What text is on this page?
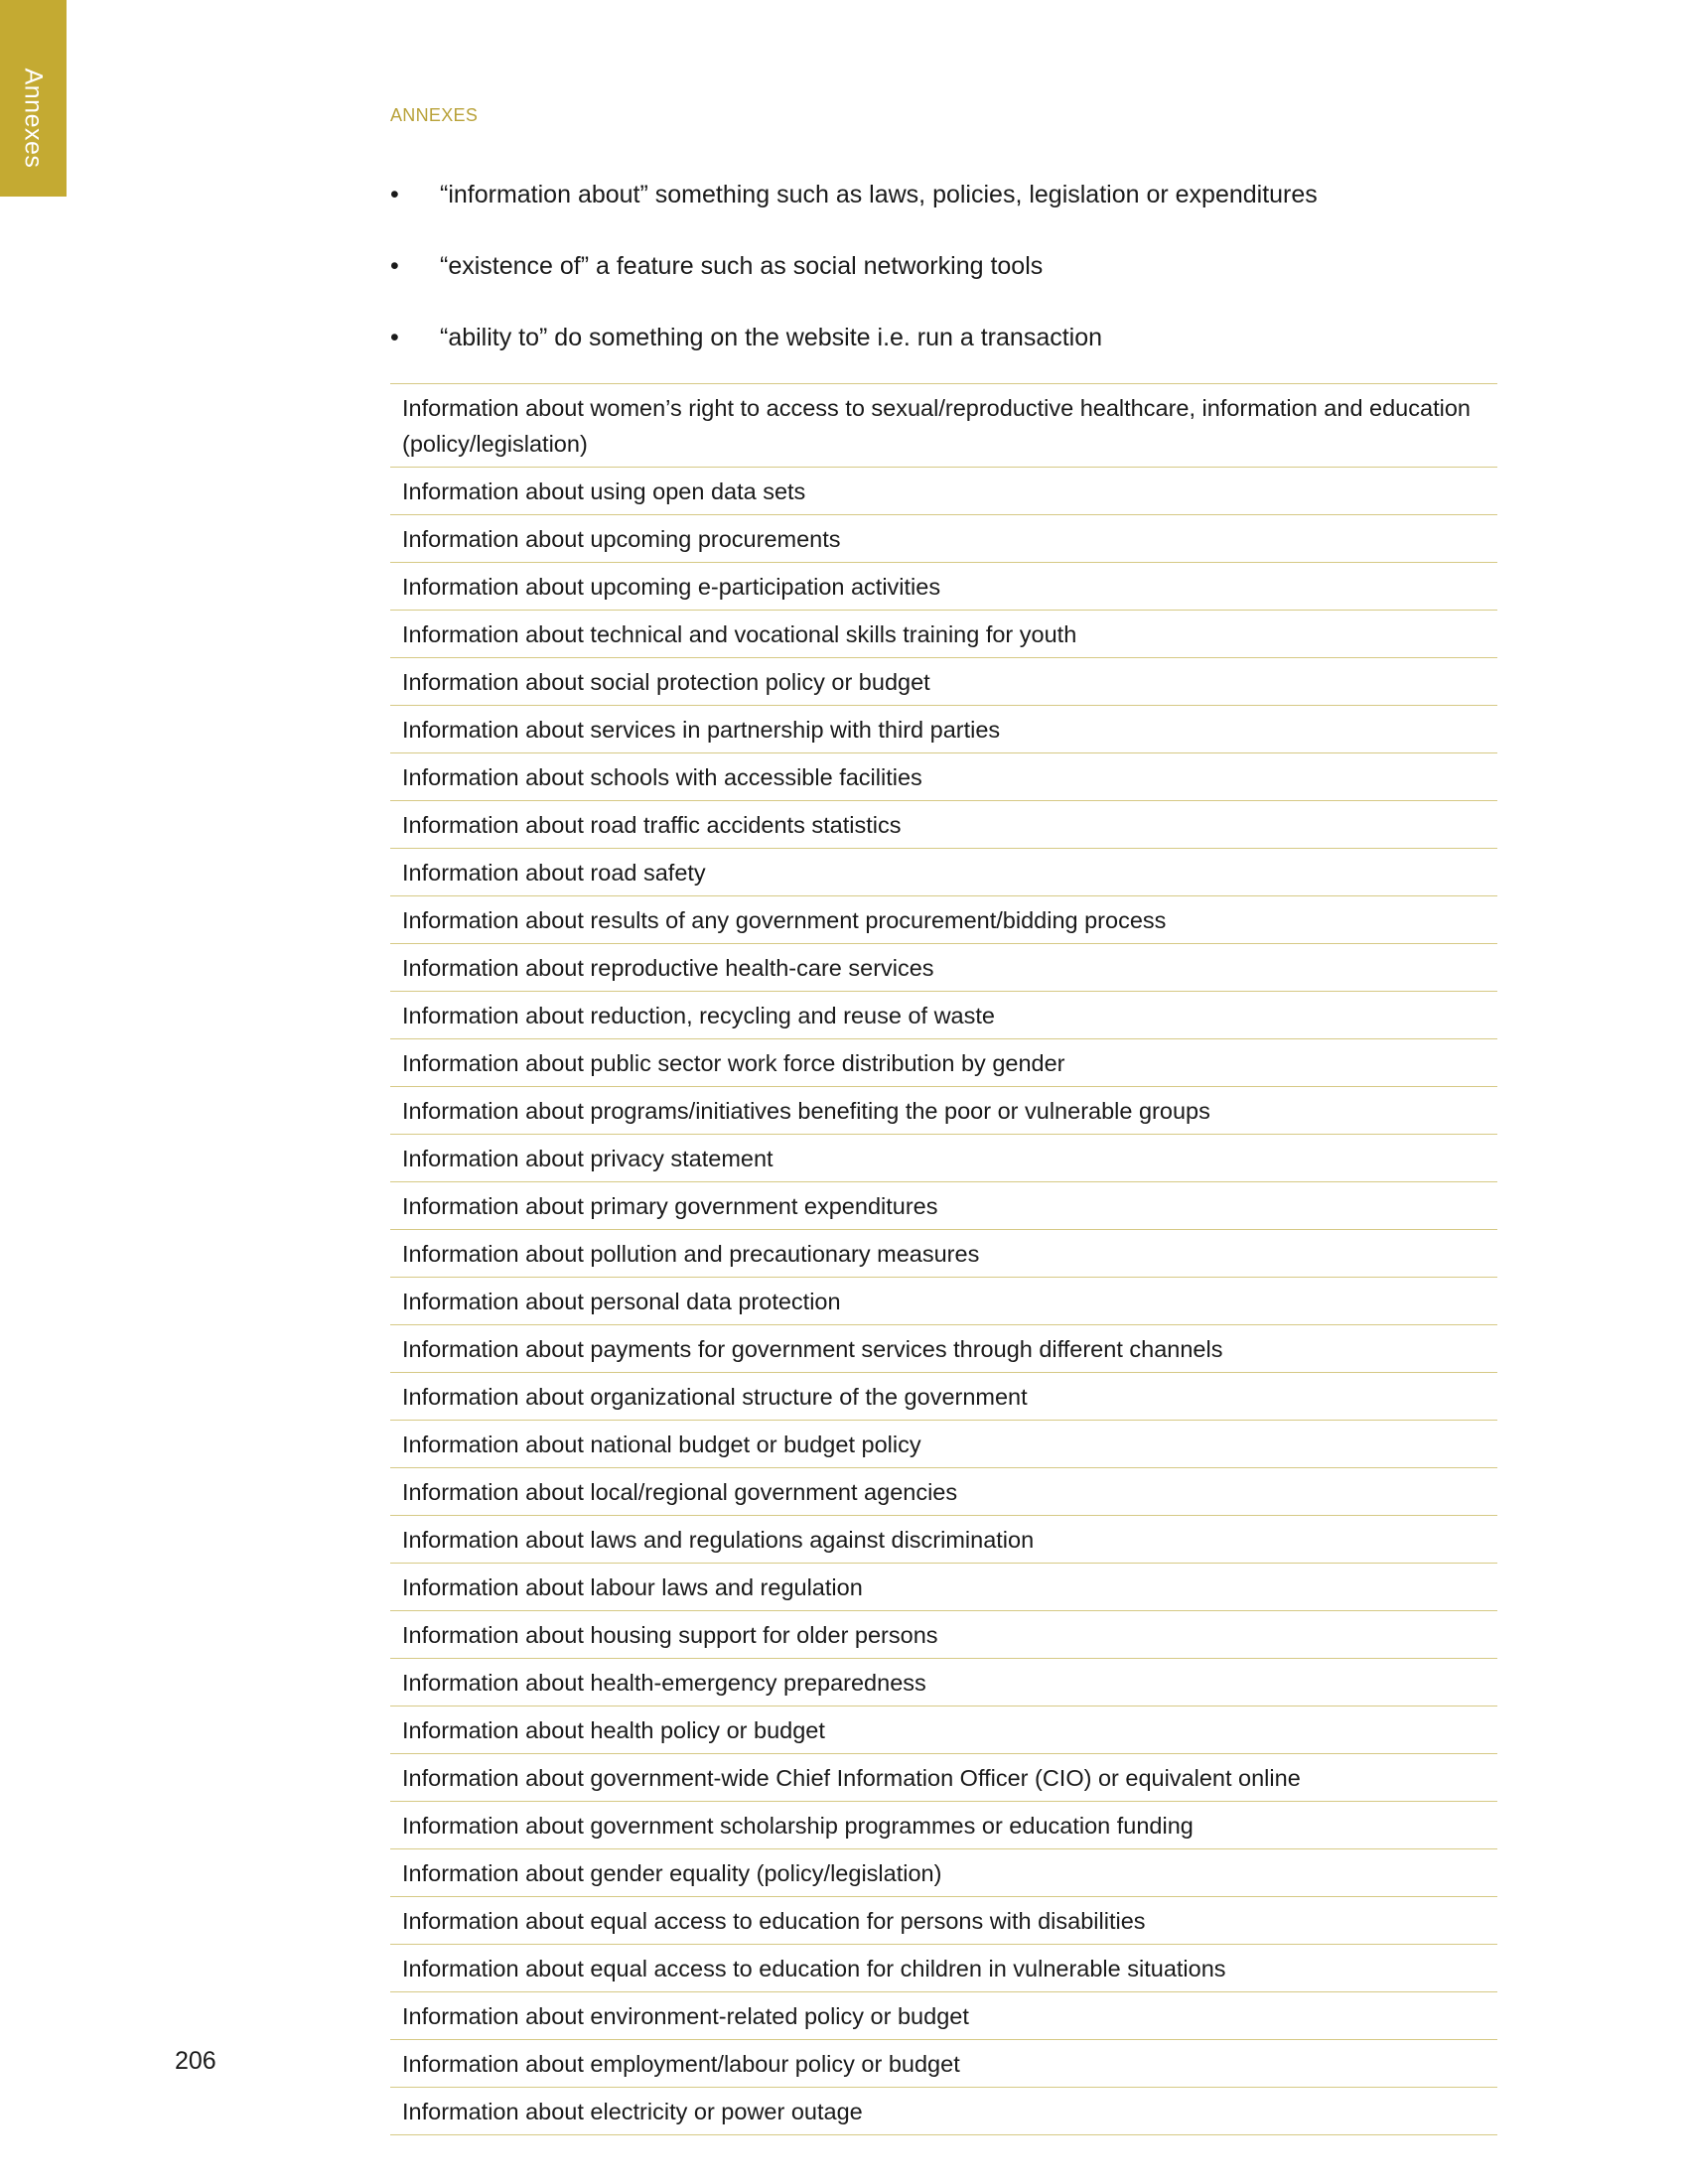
Annexes	ANNEXES
• “information about” something such as laws, policies, legislation or expenditures
• “existence of” a feature such as social networking tools
• “ability to” do something on the website i.e. run a transaction
Information about women’s right to access to sexual/reproductive healthcare, information and education (policy/legislation)
Information about using open data sets
Information about upcoming procurements
Information about upcoming e-participation activities
Information about technical and vocational skills training for youth
Information about social protection policy or budget
Information about services in partnership with third parties
Information about schools with accessible facilities
Information about road traffic accidents statistics
Information about road safety
Information about results of any government procurement/bidding process
Information about reproductive health-care services
Information about reduction, recycling and reuse of waste
Information about public sector work force distribution by gender
Information about programs/initiatives benefiting the poor or vulnerable groups
Information about privacy statement
Information about primary government expenditures
Information about pollution and precautionary measures
Information about personal data protection
Information about payments for government services through different channels
Information about organizational structure of the government
Information about national budget or budget policy
Information about local/regional government agencies
Information about laws and regulations against discrimination
Information about labour laws and regulation
Information about housing support for older persons
Information about health-emergency preparedness
Information about health policy or budget
Information about government-wide Chief Information Officer (CIO) or equivalent online
Information about government scholarship programmes or education funding
Information about gender equality (policy/legislation)
Information about equal access to education for persons with disabilities
Information about equal access to education for children in vulnerable situations
Information about environment-related policy or budget
Information about employment/labour policy or budget
Information about electricity or power outage
206
